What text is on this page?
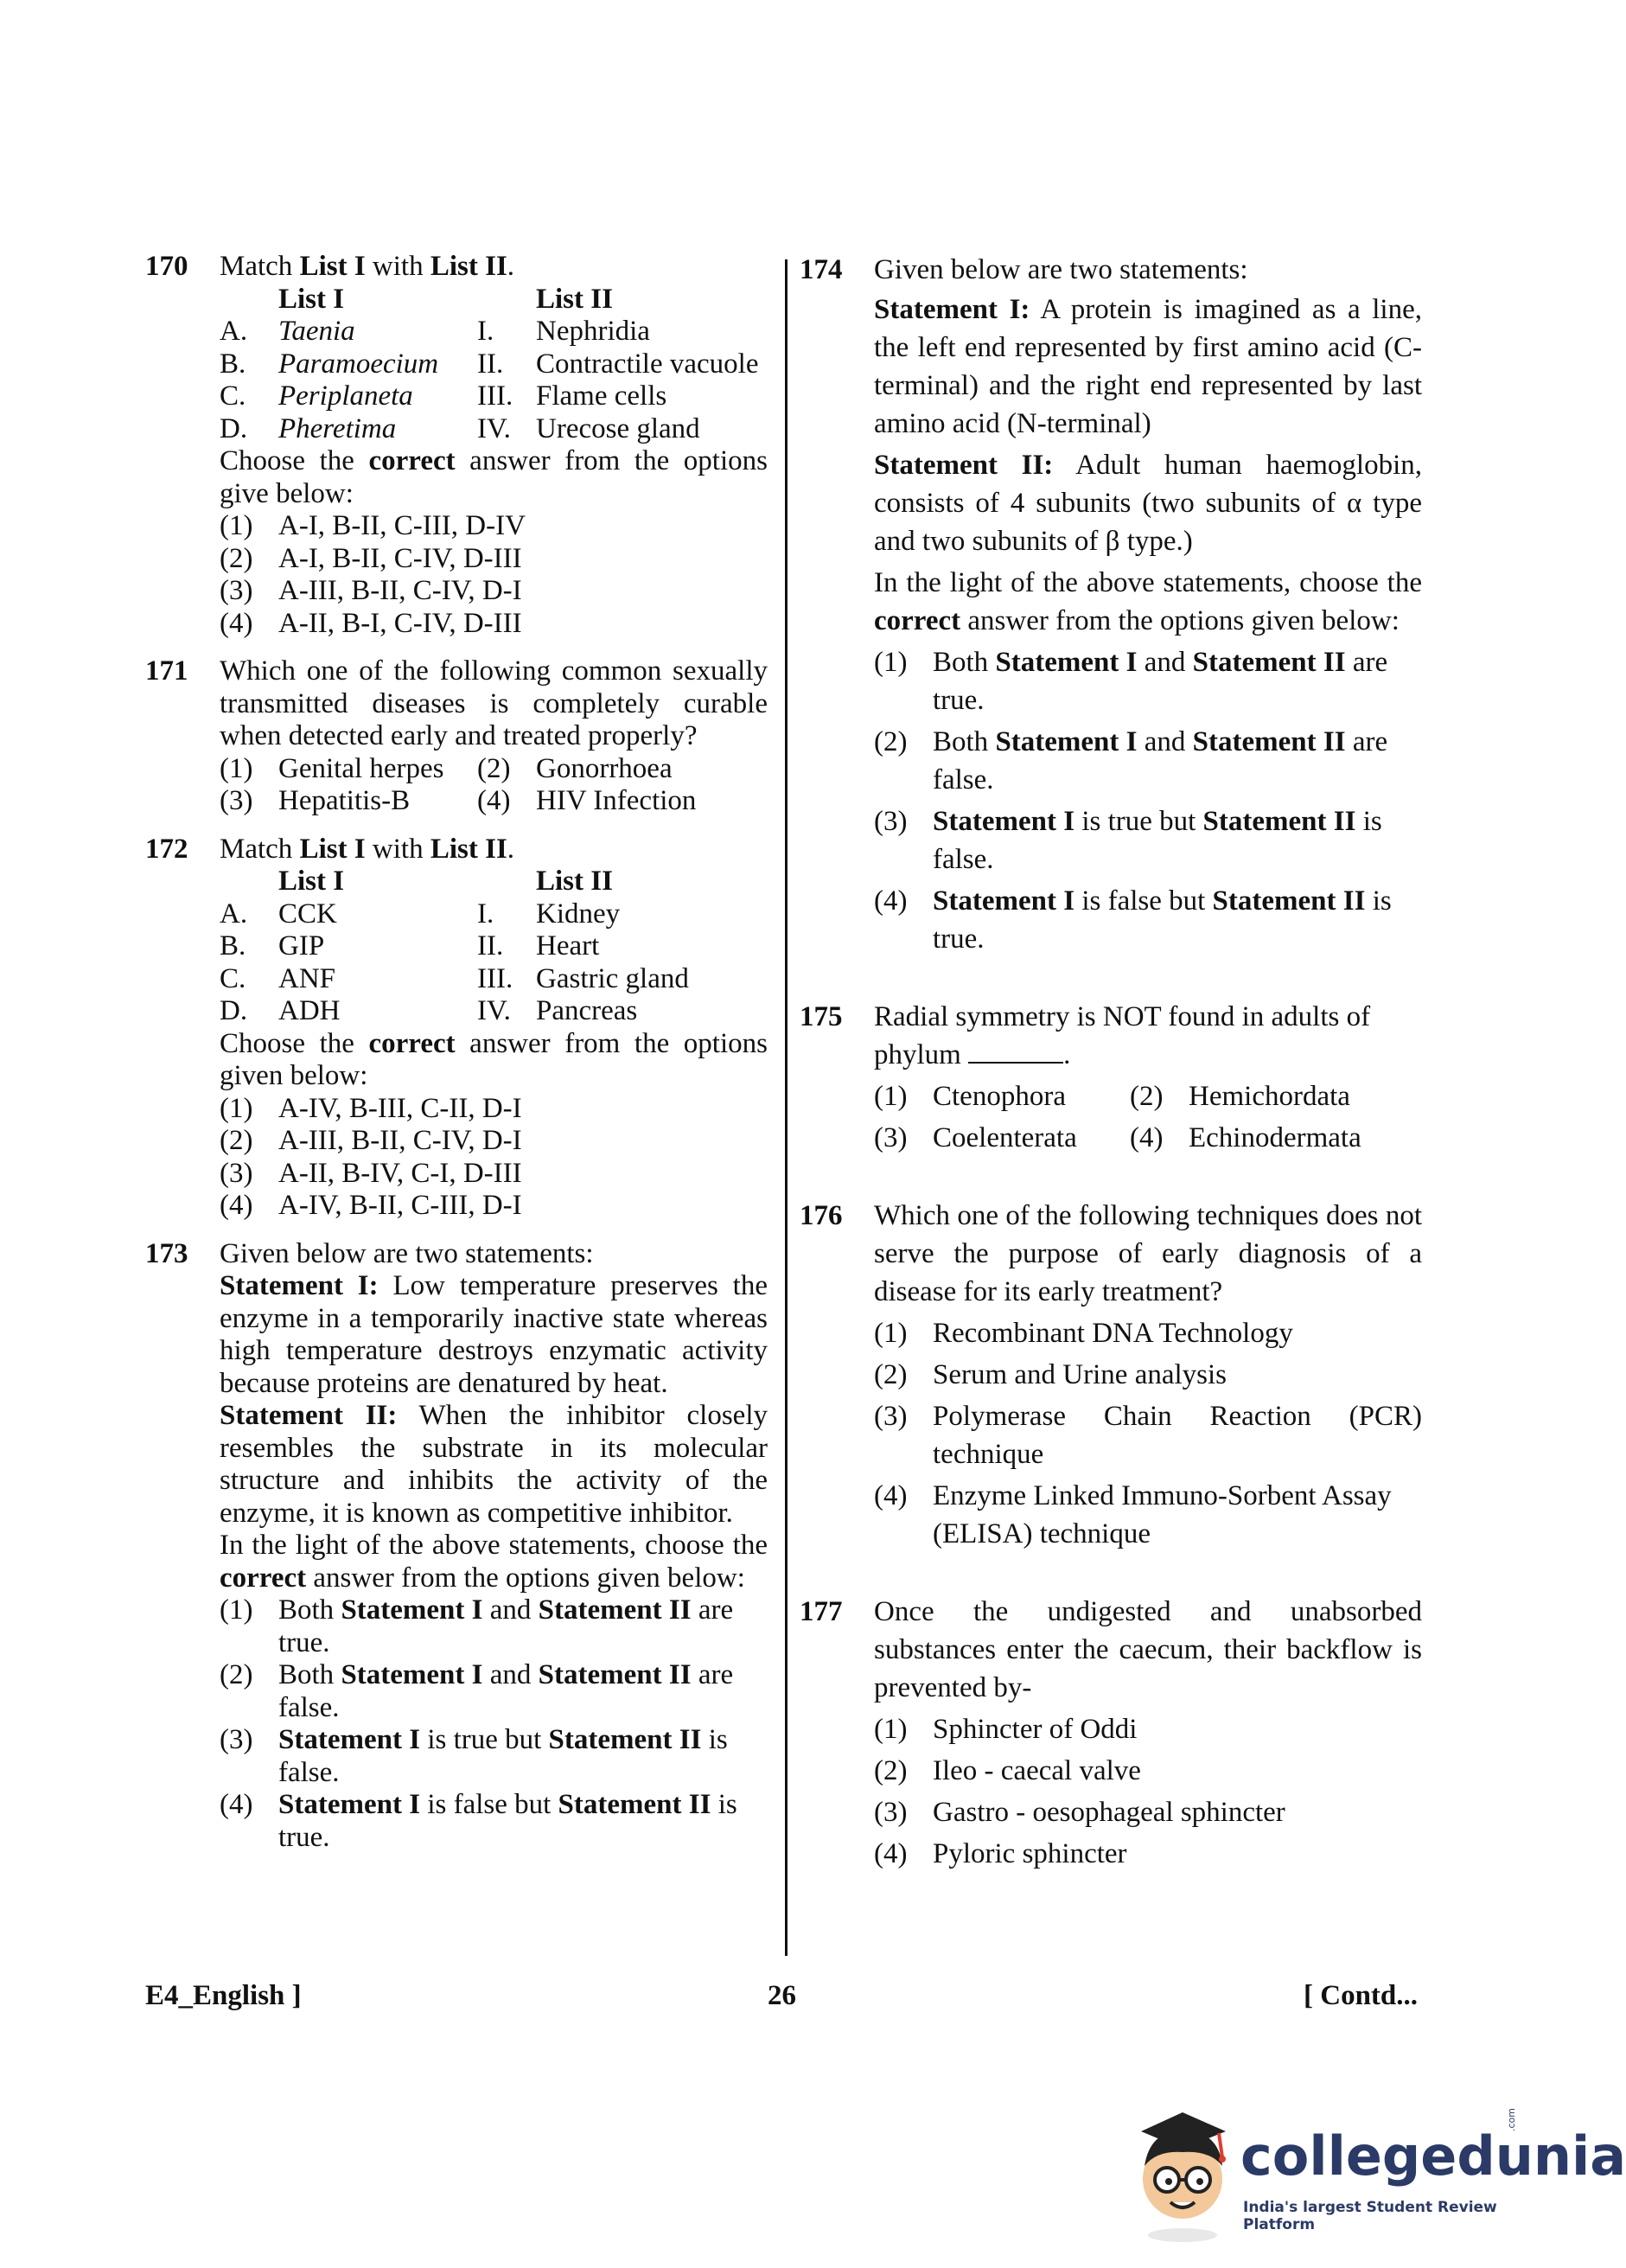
170 Match List I with List II.
List I	List II
A.	Taenia	I.	Nephridia
B.	Paramoecium	II.	Contractile vacuole
C.	Periplaneta	III. Flame cells
D.	Pheretima	IV. Urecose gland
Choose the correct answer from the options give below:
(1) A-I, B-II, C-III, D-IV
(2) A-I, B-II, C-IV, D-III
(3) A-III, B-II, C-IV, D-I
(4) A-II, B-I, C-IV, D-III
171 Which one of the following common sexually transmitted diseases is completely curable when detected early and treated properly?
(1) Genital herpes	(2) Gonorrhoea
(3) Hepatitis-B	(4) HIV Infection
172 Match List I with List II.
List I	List II
A.	CCK	I.	Kidney
B.	GIP	II.	Heart
C.	ANF	III. Gastric gland
D.	ADH	IV. Pancreas
Choose the correct answer from the options given below:
(1) A-IV, B-III, C-II, D-I
(2) A-III, B-II, C-IV, D-I
(3) A-II, B-IV, C-I, D-III
(4) A-IV, B-II, C-III, D-I
173 Given below are two statements:
Statement I: Low temperature preserves the enzyme in a temporarily inactive state whereas high temperature destroys enzymatic activity because proteins are denatured by heat.
Statement II: When the inhibitor closely resembles the substrate in its molecular structure and inhibits the activity of the enzyme, it is known as competitive inhibitor.
In the light of the above statements, choose the correct answer from the options given below:
(1) Both Statement I and Statement II are true.
(2) Both Statement I and Statement II are false.
(3) Statement I is true but Statement II is false.
(4) Statement I is false but Statement II is true.
174 Given below are two statements:
Statement I: A protein is imagined as a line, the left end represented by first amino acid (C-terminal) and the right end represented by last amino acid (N-terminal)
Statement II: Adult human haemoglobin, consists of 4 subunits (two subunits of α type and two subunits of β type.)
In the light of the above statements, choose the correct answer from the options given below:
(1) Both Statement I and Statement II are true.
(2) Both Statement I and Statement II are false.
(3) Statement I is true but Statement II is false.
(4) Statement I is false but Statement II is true.
175 Radial symmetry is NOT found in adults of phylum	.
(1) Ctenophora	(2) Hemichordata
(3) Coelenterata	(4) Echinodermata
176 Which one of the following techniques does not serve the purpose of early diagnosis of a disease for its early treatment?
(1) Recombinant DNA Technology
(2) Serum and Urine analysis
(3) Polymerase Chain Reaction (PCR) technique
(4) Enzyme Linked Immuno-Sorbent Assay (ELISA) technique
177 Once the undigested and unabsorbed substances enter the caecum, their backflow is prevented by-
(1) Sphincter of Oddi
(2) Ileo - caecal valve
(3) Gastro - oesophageal sphincter
(4) Pyloric sphincter
E4_English ]	26	[ Contd...
collegedunia
.com
India's largest Student Review Platform
